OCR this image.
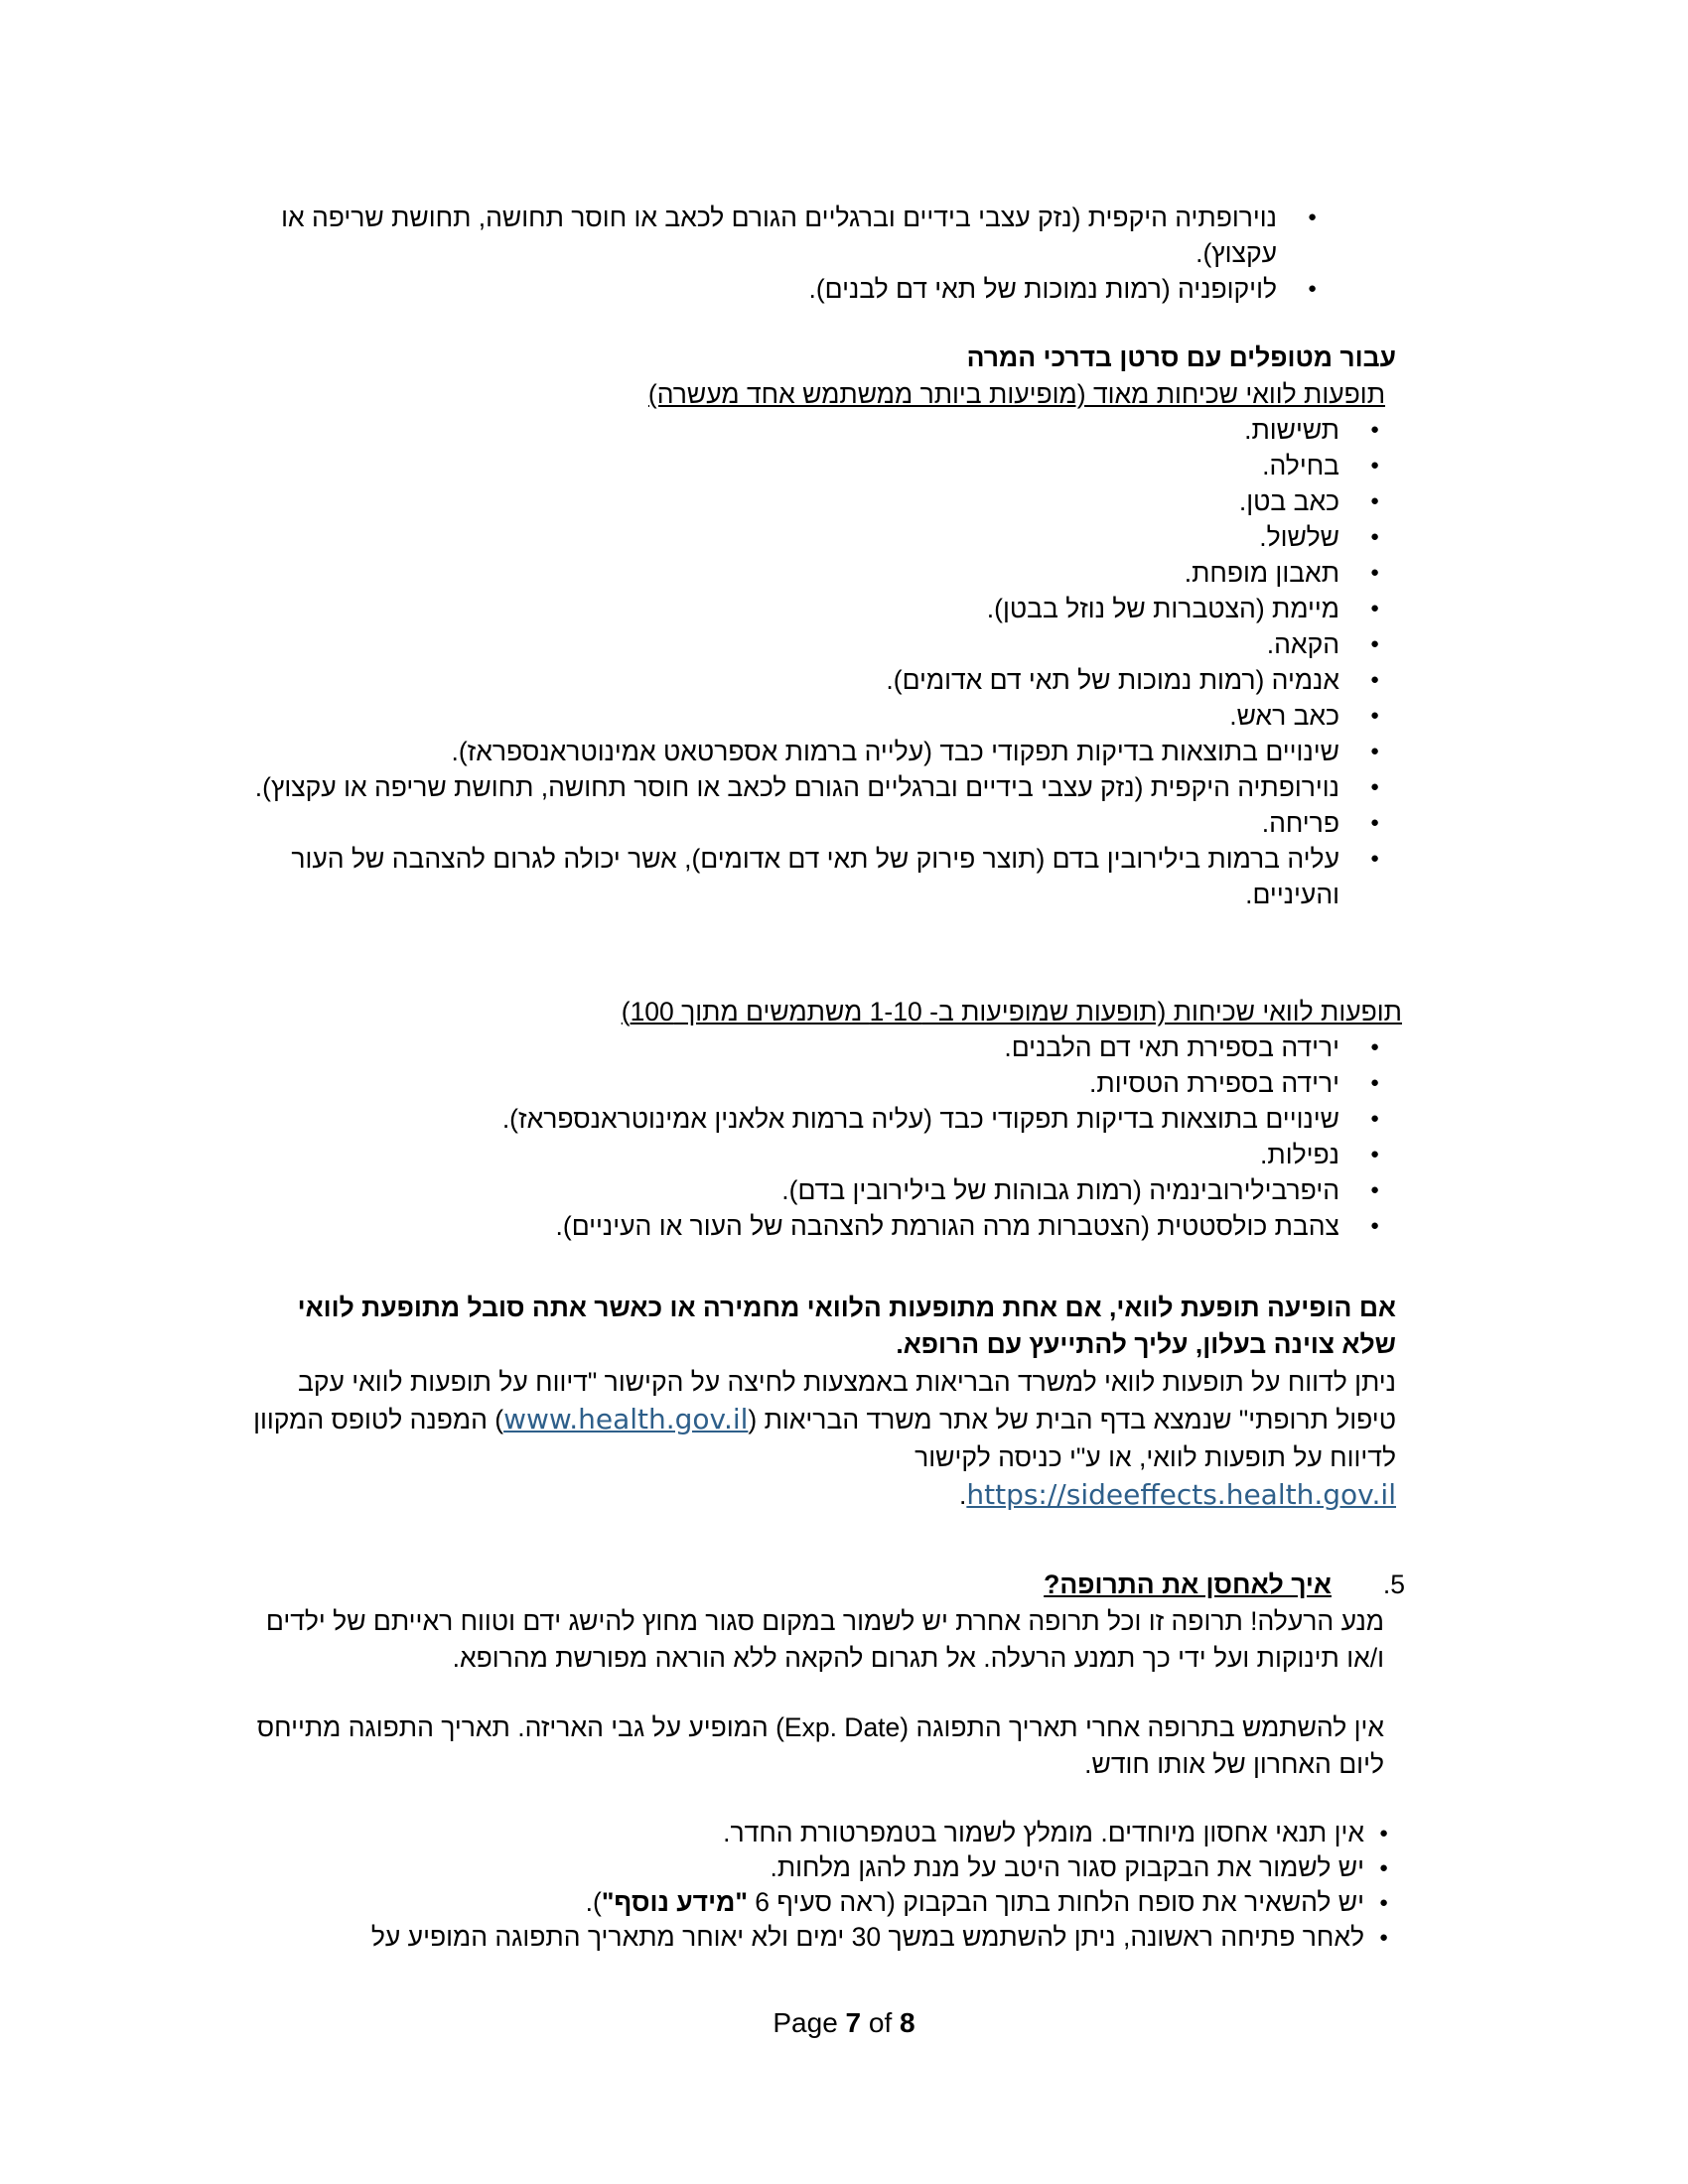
● נוירופתיה היקפית (נזק עצבי בידיים וברגליים הגורם לכאב או חוסר תחושה, תחושת שריפה או עקצוץ).
● לויקופניה (רמות נמוכות של תאי דם לבנים).
עבור מטופלים עם סרטן בדרכי המרה
תופעות לוואי שכיחות מאוד (מופיעות ביותר ממשתמש אחד מעשרה)
● תשישות.
● בחילה.
● כאב בטן.
● שלשול.
● תאבון מופחת.
● מיימת (הצטברות של נוזל בבטן).
● הקאה.
● אנמיה (רמות נמוכות של תאי דם אדומים).
● כאב ראש.
● שינויים בתוצאות בדיקות תפקודי כבד (עלייה ברמות אספרטאט אמינוטראנספראז).
● נוירופתיה היקפית (נזק עצבי בידיים וברגליים הגורם לכאב או חוסר תחושה, תחושת שריפה או עקצוץ).
● פריחה.
● עליה ברמות בילירובין בדם (תוצר פירוק של תאי דם אדומים), אשר יכולה לגרום להצהבה של העור והעיניים.
תופעות לוואי שכיחות (תופעות שמופיעות ב- 1-10 משתמשים מתוך 100)
● ירידה בספירת תאי דם הלבנים.
● ירידה בספירת הטסיות.
● שינויים בתוצאות בדיקות תפקודי כבד (עליה ברמות אלאנין אמינוטראנספראז).
● נפילות.
● היפרבילירובינמיה (רמות גבוהות של בילירובין בדם).
● צהבת כולסטטית (הצטברות מרה הגורמת להצהבה של העור או העיניים).
אם הופיעה תופעת לוואי, אם אחת מתופעות הלוואי מחמירה או כאשר אתה סובל מתופעת לוואי שלא צוינה בעלון, עליך להתייעץ עם הרופא.
ניתן לדווח על תופעות לוואי למשרד הבריאות באמצעות לחיצה על הקישור "דיווח על תופעות לוואי עקב טיפול תרופתי" שנמצא בדף הבית של אתר משרד הבריאות (www.health.gov.il) המפנה לטופס המקוון לדיווח על תופעות לוואי, או ע"י כניסה לקישור
https://sideeffects.health.gov.il.
5.איך לאחסן את התרופה?
מנע הרעלה! תרופה זו וכל תרופה אחרת יש לשמור במקום סגור מחוץ להישג ידם וטווח ראייתם של ילדים ו/או תינוקות ועל ידי כך תמנע הרעלה. אל תגרום להקאה ללא הוראה מפורשת מהרופא.
אין להשתמש בתרופה אחרי תאריך התפוגה (Exp. Date) המופיע על גבי האריזה. תאריך התפוגה מתייחס ליום האחרון של אותו חודש.
● אין תנאי אחסון מיוחדים. מומלץ לשמור בטמפרטורת החדר.
● יש לשמור את הבקבוק סגור היטב על מנת להגן מלחות.
● יש להשאיר את סופח הלחות בתוך הבקבוק (ראה סעיף 6 "מידע נוסף").
● לאחר פתיחה ראשונה, ניתן להשתמש במשך 30 ימים ולא יאוחר מתאריך התפוגה המופיע על
Page 7 of 8
